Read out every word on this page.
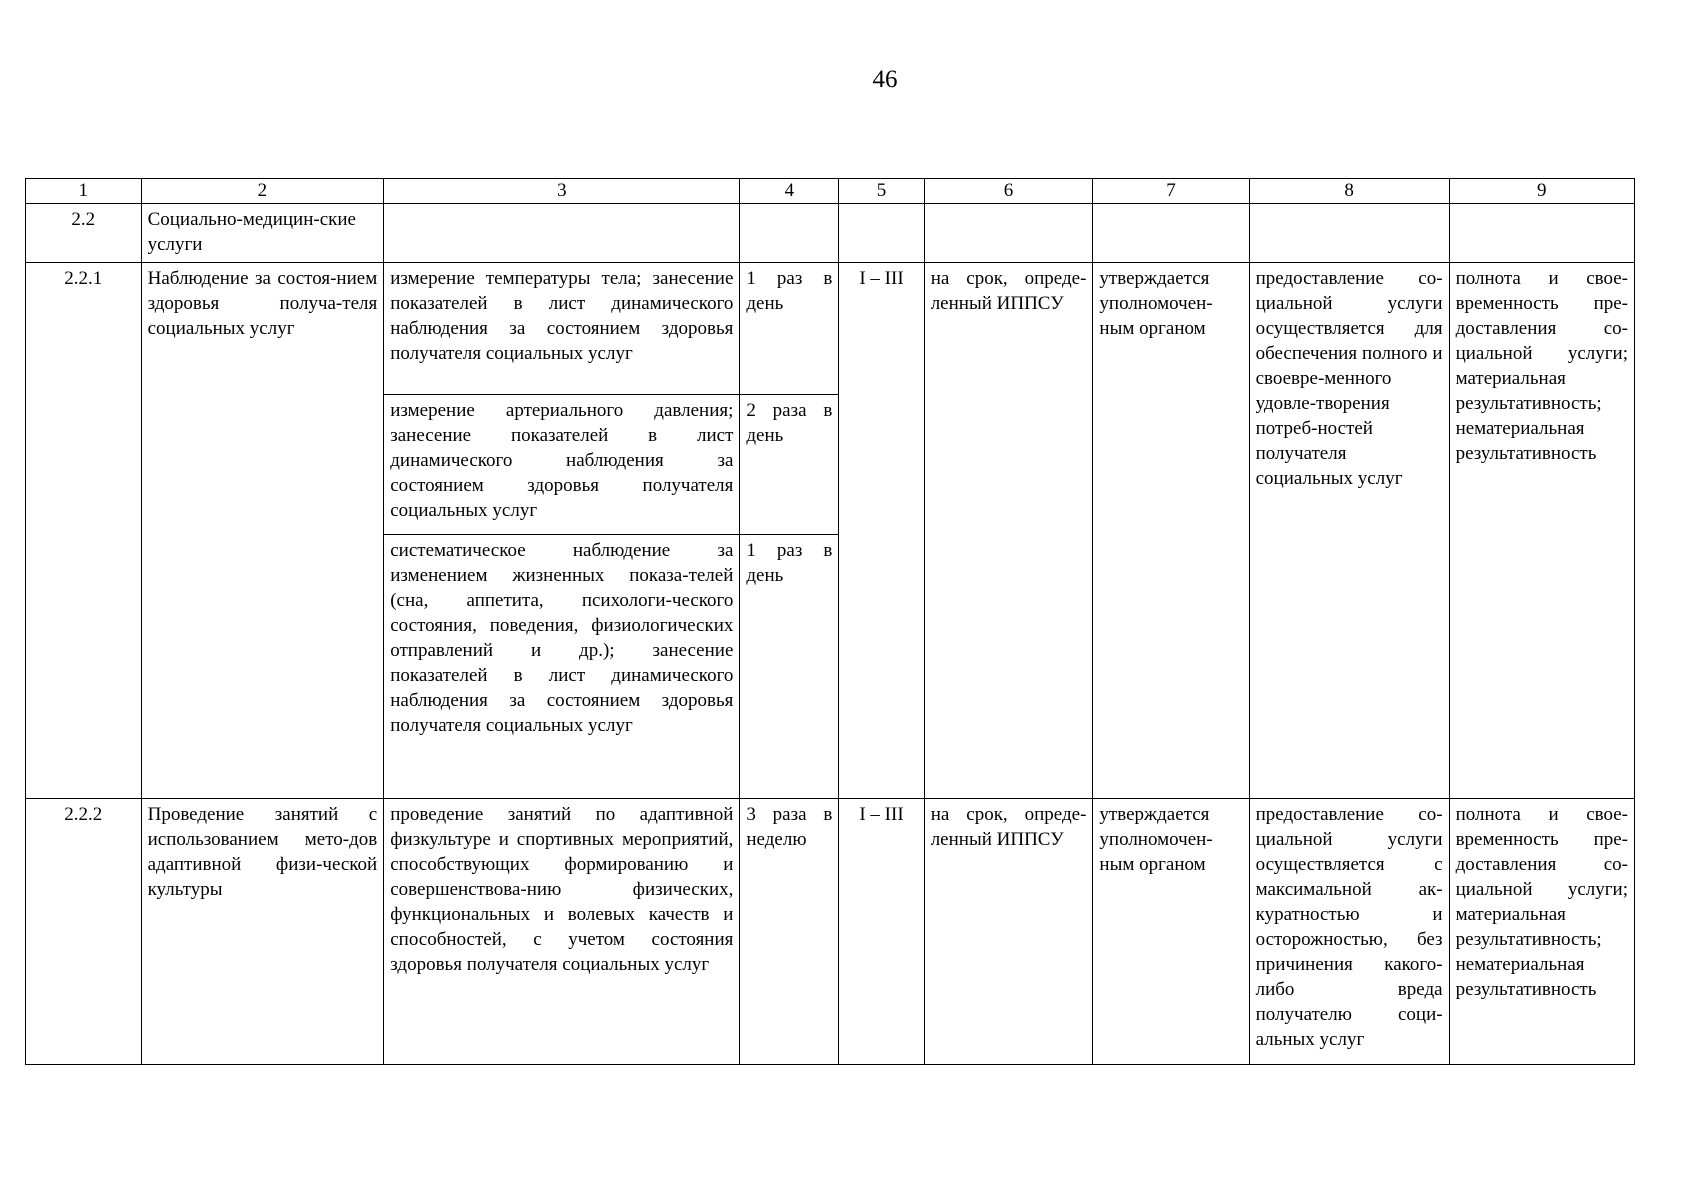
46
1	2	3	4	5	6	7	8	9
2.2	Социально-медицин-ские услуги							
2.2.1	Наблюдение за состоя-нием здоровья получа-теля социальных услуг	измерение температуры тела; занесение показателей в лист динамического наблюдения за состоянием здоровья получателя социальных услуг	1 раз в день	I – III	на срок, опреде-ленный ИППСУ	утверждается уполномочен-ным органом	предоставление со-циальной услуги осуществляется для обеспечения полного и своевре-менного удовле-творения потреб-ностей получателя социальных услуг	полнота и свое-временность пре-доставления со-циальной услуги; материальная результативность; нематериальная результативность
		измерение артериального давления; занесение показателей в лист динамического наблюдения за состоянием здоровья получателя социальных услуг	2 раза в день					
		систематическое наблюдение за изменением жизненных показа-телей (сна, аппетита, психологи-ческого состояния, поведения, физиологических отправлений и др.); занесение показателей в лист динамического наблюдения за состоянием здоровья получателя социальных услуг	1 раз в день					
2.2.2	Проведение занятий с использованием мето-дов адаптивной физи-ческой культуры	проведение занятий по адаптивной физкультуре и спортивных мероприятий, способствующих формированию и совершенствова-нию физических, функциональных и волевых качеств и способностей, с учетом состояния здоровья получателя социальных услуг	3 раза в неделю	I – III	на срок, опреде-ленный ИППСУ	утверждается уполномочен-ным органом	предоставление со-циальной услуги осуществляется с максимальной ак-куратностью и осторожностью, без причинения какого-либо вреда получателю соци-альных услуг	полнота и свое-временность пре-доставления со-циальной услуги; материальная результативность; нематериальная результативность
